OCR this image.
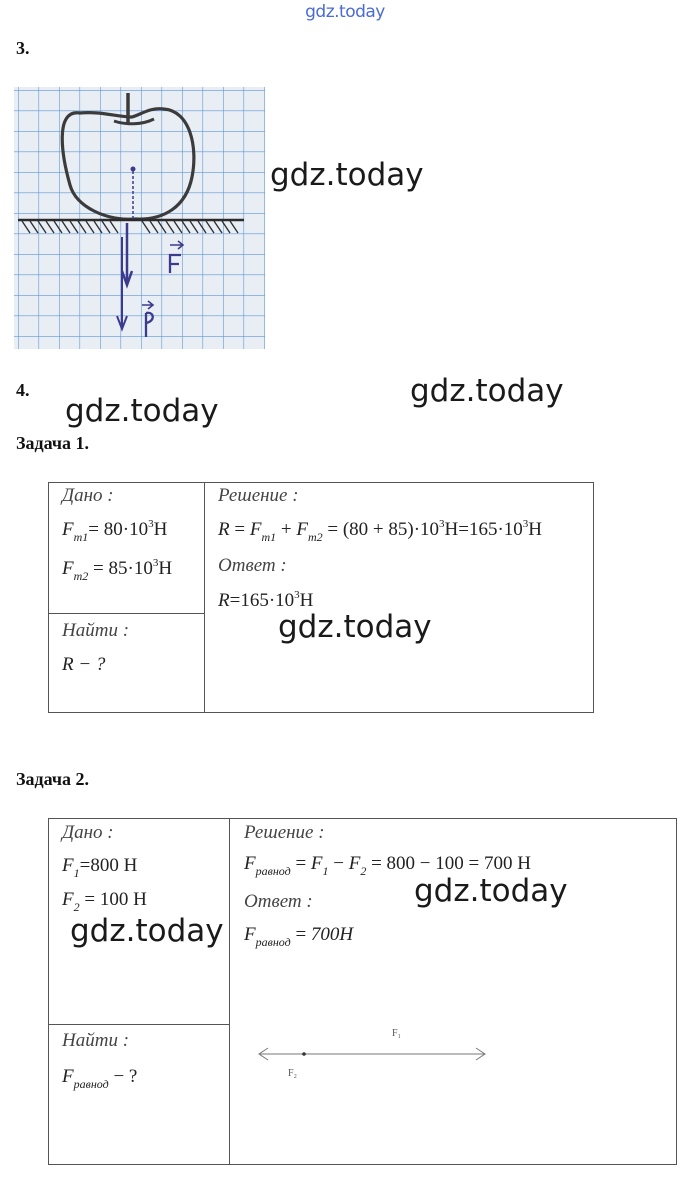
gdz.today
3.
gdz.today
4.
gdz.today
gdz.today
Задача 1.
Дано :
$F_{m1}= 80\cdot 10^3H$
$F_{m2} = 85\cdot 10^3H$
Найти :
R − ?
Решение :
$R = F_{m1} + F_{m2} = (80 + 85)\cdot 10^3H=165\cdot 10^3H$
Ответ :
$R=165\cdot 10^3H$
gdz.today
Задача 2.
Дано :
$F_1=800$ H
$F_2 = 100$ H
gdz.today
Найти :
$F_{равнод}$ − ?
Решение :
$F_{равнод} = F_1 - F_2 = 800 - 100 = 700$ H
Ответ :
$F_{равнод} = 700H$
gdz.today
F₁
F₂
